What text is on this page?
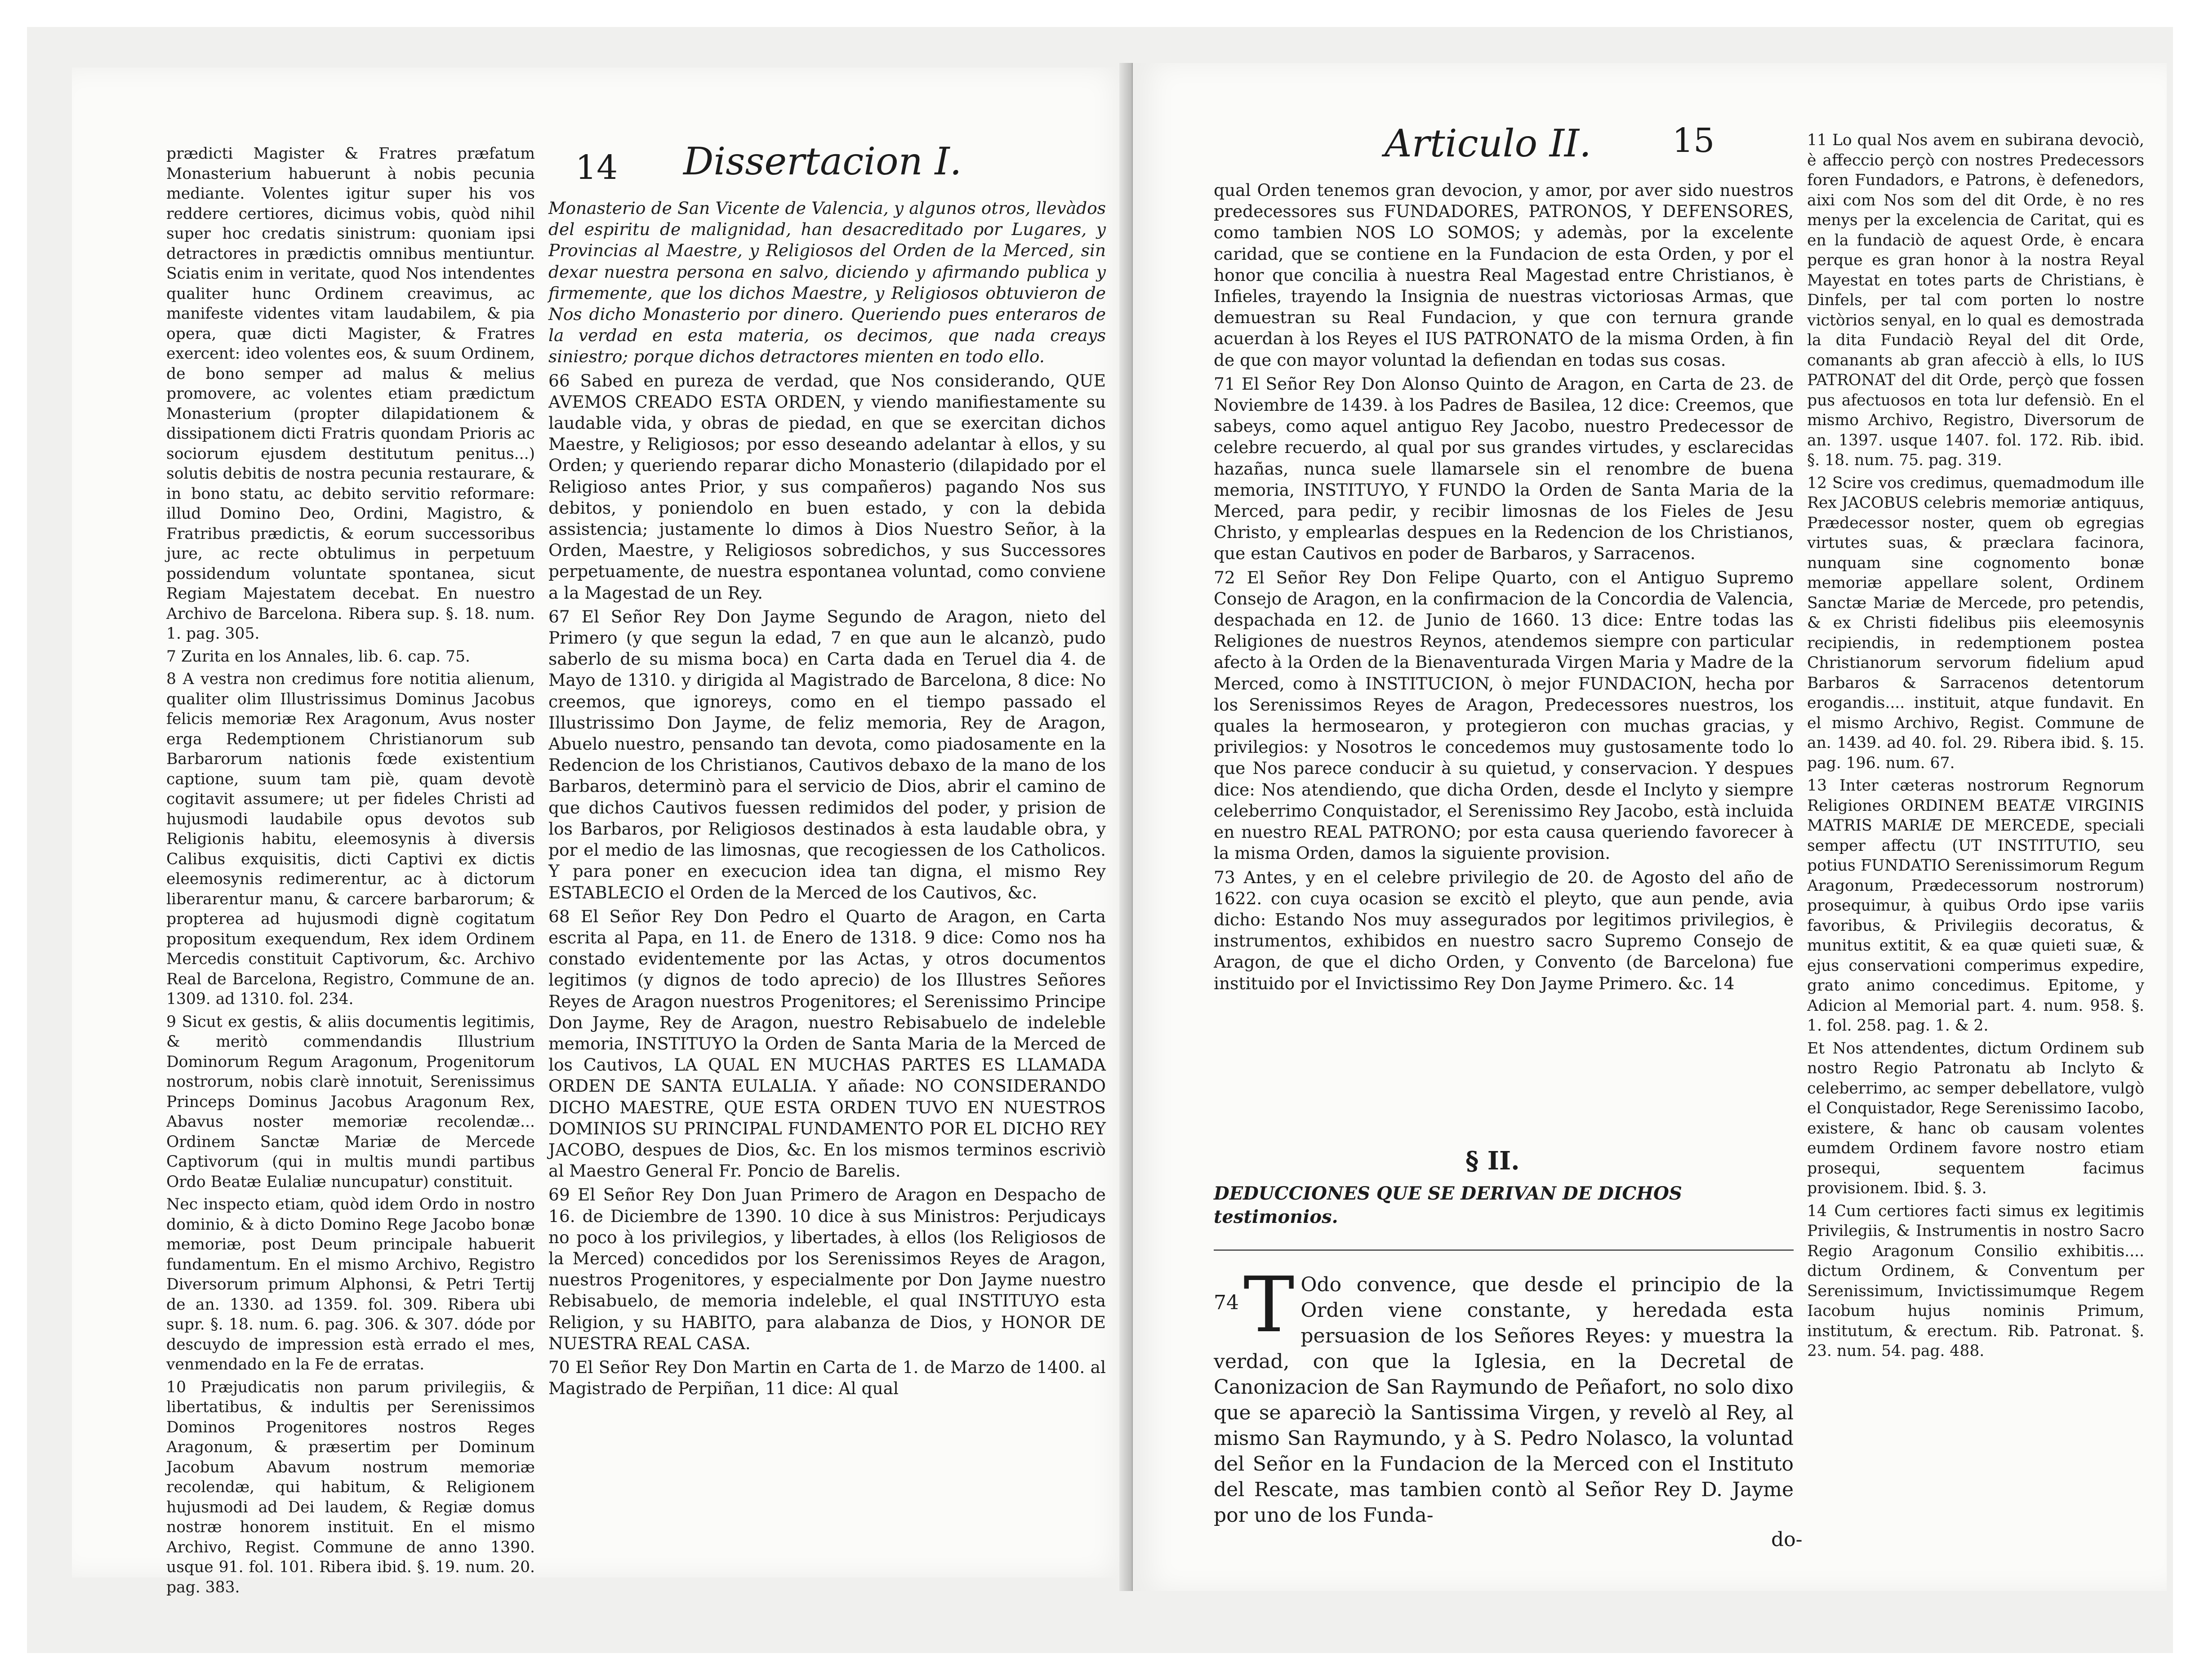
14 Dissertacion I.

prædicti Magister & Fratres præfatum Monasterium habuerunt à nobis pecunia mediante. Volentes igitur super his vos reddere certiores, dicimus vobis, quòd nihil super hoc credatis sinistrum: quoniam ipsi detractores in prædictis omnibus mentiuntur. Sciatis enim in veritate, quod Nos intendentes qualiter hunc Ordinem creavimus, ac manifeste videntes vitam laudabilem, & pia opera, quæ dicti Magister, & Fratres exercent: ideo volentes eos, & suum Ordinem, de bono semper ad malus & melius promovere, ac volentes etiam prædictum Monasterium (propter dilapidationem & dissipationem dicti Fratris quondam Prioris ac sociorum ejusdem destitutum penitus...) solutis debitis de nostra pecunia restaurare, & in bono statu, ac debito servitio reformare: illud Domino Deo, Ordini, Magistro, & Fratribus prædictis, & eorum successoribus jure, ac recte obtulimus in perpetuum possidendum voluntate spontanea, sicut Regiam Majestatem decebat. En nuestro Archivo de Barcelona. Ribera sup. §. 18. num. 1. pag. 305.

7 Zurita en los Annales, lib. 6. cap. 75.

8 A vestra non credimus fore notitia alienum, qualiter olim Illustrissimus Dominus Jacobus felicis memoriæ Rex Aragonum, Avus noster erga Redemptionem Christianorum sub Barbarorum nationis fœde existentium captione, suum tam piè, quam devotè cogitavit assumere; ut per fideles Christi ad hujusmodi laudabile opus devotos sub Religionis habitu, eleemosynis à diversis Calibus exquisitis, dicti Captivi ex dictis eleemosynis redimerentur, ac à dictorum liberarentur manu, & carcere barbarorum; & propterea ad hujusmodi dignè cogitatum propositum exequendum, Rex idem Ordinem Mercedis constituit Captivorum, &c. Archivo Real de Barcelona, Registro, Commune de an. 1309. ad 1310. fol. 234.

9 Sicut ex gestis, & aliis documentis legitimis, & meritò commendandis Illustrium Dominorum Regum Aragonum, Progenitorum nostrorum, nobis clarè innotuit, Serenissimus Princeps Dominus Jacobus Aragonum Rex, Abavus noster memoriæ recolendæ... Ordinem Sanctæ Mariæ de Mercede Captivorum (qui in multis mundi partibus Ordo Beatæ Eulaliæ nuncupatur) constituit.

Nec inspecto etiam, quòd idem Ordo in nostro dominio, & à dicto Domino Rege Jacobo bonæ memoriæ, post Deum principale habuerit fundamentum. En el mismo Archivo, Registro Diversorum primum Alphonsi, & Petri Tertij de an. 1330. ad 1359. fol. 309. Ribera ubi supr. §. 18. num. 6. pag. 306. & 307. dóde por descuydo de impression està errado el mes, venmendado en la Fe de erratas.

10 Præjudicatis non parum privilegiis, & libertatibus, & indultis per Serenissimos Dominos Progenitores nostros Reges Aragonum, & præsertim per Dominum Jacobum Abavum nostrum memoriæ recolendæ, qui habitum, & Religionem hujusmodi ad Dei laudem, & Regiæ domus nostræ honorem instituit. En el mismo Archivo, Regist. Commune de anno 1390. usque 91. fol. 101. Ribera ibid. §. 19. num. 20. pag. 383.

Monasterio de San Vicente de Valencia, y algunos otros, llevàdos del espiritu de malignidad, han desacreditado por Lugares, y Provincias al Maestre, y Religiosos del Orden de la Merced, sin dexar nuestra persona en salvo, diciendo y afirmando publica y firmemente, que los dichos Maestre, y Religiosos obtuvieron de Nos dicho Monasterio por dinero. Queriendo pues enteraros de la verdad en esta materia, os decimos, que nada creays siniestro; porque dichos detractores mienten en todo ello.

66 Sabed en pureza de verdad, que Nos considerando, QUE AVEMOS CREADO ESTA ORDEN, y viendo manifiestamente su laudable vida, y obras de piedad, en que se exercitan dichos Maestre, y Religiosos; por esso deseando adelantar à ellos, y su Orden; y queriendo reparar dicho Monasterio (dilapidado por el Religioso antes Prior, y sus compañeros) pagando Nos sus debitos, y poniendolo en buen estado, y con la debida assistencia; justamente lo dimos à Dios Nuestro Señor, à la Orden, Maestre, y Religiosos sobredichos, y sus Successores perpetuamente, de nuestra espontanea voluntad, como conviene a la Magestad de un Rey.

67 El Señor Rey Don Jayme Segundo de Aragon, nieto del Primero (y que segun la edad, 7 en que aun le alcanzò, pudo saberlo de su misma boca) en Carta dada en Teruel dia 4. de Mayo de 1310. y dirigida al Magistrado de Barcelona, 8 dice: No creemos, que ignoreys, como en el tiempo passado el Illustrissimo Don Jayme, de feliz memoria, Rey de Aragon, Abuelo nuestro, pensando tan devota, como piadosamente en la Redencion de los Christianos, Cautivos debaxo de la mano de los Barbaros, determinò para el servicio de Dios, abrir el camino de que dichos Cautivos fuessen redimidos del poder, y prision de los Barbaros, por Religiosos destinados à esta laudable obra, y por el medio de las limosnas, que recogiessen de los Catholicos. Y para poner en execucion idea tan digna, el mismo Rey ESTABLECIO el Orden de la Merced de los Cautivos, &c.

68 El Señor Rey Don Pedro el Quarto de Aragon, en Carta escrita al Papa, en 11. de Enero de 1318. 9 dice: Como nos ha constado evidentemente por las Actas, y otros documentos legitimos (y dignos de todo aprecio) de los Illustres Señores Reyes de Aragon nuestros Progenitores; el Serenissimo Principe Don Jayme, Rey de Aragon, nuestro Rebisabuelo de indeleble memoria, INSTITUYO la Orden de Santa Maria de la Merced de los Cautivos, LA QUAL EN MUCHAS PARTES ES LLAMADA ORDEN DE SANTA EULALIA. Y añade: NO CONSIDERANDO DICHO MAESTRE, QUE ESTA ORDEN TUVO EN NUESTROS DOMINIOS SU PRINCIPAL FUNDAMENTO POR EL DICHO REY JACOBO, despues de Dios, &c. En los mismos terminos escriviò al Maestro General Fr. Poncio de Barelis.

69 El Señor Rey Don Juan Primero de Aragon en Despacho de 16. de Diciembre de 1390. 10 dice à sus Ministros: Perjudicays no poco à los privilegios, y libertades, à ellos (los Religiosos de la Merced) concedidos por los Serenissimos Reyes de Aragon, nuestros Progenitores, y especialmente por Don Jayme nuestro Rebisabuelo, de memoria indeleble, el qual INSTITUYO esta Religion, y su HABITO, para alabanza de Dios, y HONOR DE NUESTRA REAL CASA.

70 El Señor Rey Don Martin en Carta de 1. de Marzo de 1400. al Magistrado de Perpiñan, 11 dice: Al qual

Articulo II. 15

qual Orden tenemos gran devocion, y amor, por aver sido nuestros predecessores sus FUNDADORES, PATRONOS, Y DEFENSORES, como tambien NOS LO SOMOS; y ademàs, por la excelente caridad, que se contiene en la Fundacion de esta Orden, y por el honor que concilia à nuestra Real Magestad entre Christianos, è Infieles, trayendo la Insignia de nuestras victoriosas Armas, que demuestran su Real Fundacion, y que con ternura grande acuerdan à los Reyes el IUS PATRONATO de la misma Orden, à fin de que con mayor voluntad la defiendan en todas sus cosas.

71 El Señor Rey Don Alonso Quinto de Aragon, en Carta de 23. de Noviembre de 1439. à los Padres de Basilea, 12 dice: Creemos, que sabeys, como aquel antiguo Rey Jacobo, nuestro Predecessor de celebre recuerdo, al qual por sus grandes virtudes, y esclarecidas hazañas, nunca suele llamarsele sin el renombre de buena memoria, INSTITUYO, Y FUNDO la Orden de Santa Maria de la Merced, para pedir, y recibir limosnas de los Fieles de Jesu Christo, y emplearlas despues en la Redencion de los Christianos, que estan Cautivos en poder de Barbaros, y Sarracenos.

72 El Señor Rey Don Felipe Quarto, con el Antiguo Supremo Consejo de Aragon, en la confirmacion de la Concordia de Valencia, despachada en 12. de Junio de 1660. 13 dice: Entre todas las Religiones de nuestros Reynos, atendemos siempre con particular afecto à la Orden de la Bienaventurada Virgen Maria y Madre de la Merced, como à INSTITUCION, ò mejor FUNDACION, hecha por los Serenissimos Reyes de Aragon, Predecessores nuestros, los quales la hermosearon, y protegieron con muchas gracias, y privilegios: y Nosotros le concedemos muy gustosamente todo lo que Nos parece conducir à su quietud, y conservacion. Y despues dice: Nos atendiendo, que dicha Orden, desde el Inclyto y siempre celeberrimo Conquistador, el Serenissimo Rey Jacobo, està incluida en nuestro REAL PATRONO; por esta causa queriendo favorecer à la misma Orden, damos la siguiente provision.

73 Antes, y en el celebre privilegio de 20. de Agosto del año de 1622. con cuya ocasion se excitò el pleyto, que aun pende, avia dicho: Estando Nos muy assegurados por legitimos privilegios, è instrumentos, exhibidos en nuestro sacro Supremo Consejo de Aragon, de que el dicho Orden, y Convento (de Barcelona) fue instituido por el Invictissimo Rey Don Jayme Primero. &c. 14

§ II.
DEDUCCIONES QUE SE DERIVAN DE DICHOS testimonios.
74 T Odo convence, que desde el principio de la Orden viene constante, y heredada esta persuasion de los Señores Reyes: y muestra la verdad, con que la Iglesia, en la Decretal de Canonizacion de San Raymundo de Peñafort, no solo dixo que se apareciò la Santissima Virgen, y revelò al Rey, al mismo San Raymundo, y à S. Pedro Nolasco, la voluntad del Señor en la Fundacion de la Merced con el Instituto del Rescate, mas tambien contò al Señor Rey D. Jayme por uno de los Funda-
do-

11 Lo qual Nos avem en subirana devociò, è affeccio perçò con nostres Predecessors foren Fundadors, e Patrons, è defenedors, aixi com Nos som del dit Orde, è no res menys per la excelencia de Caritat, qui es en la fundaciò de aquest Orde, è encara perque es gran honor à la nostra Reyal Mayestat en totes parts de Christians, è Dinfels, per tal com porten lo nostre victòrios senyal, en lo qual es demostrada la dita Fundaciò Reyal del dit Orde, comanants ab gran afecciò à ells, lo IUS PATRONAT del dit Orde, perçò que fossen pus afectuosos en tota lur defensiò. En el mismo Archivo, Registro, Diversorum de an. 1397. usque 1407. fol. 172. Rib. ibid. §. 18. num. 75. pag. 319.

12 Scire vos credimus, quemadmodum ille Rex JACOBUS celebris memoriæ antiquus, Prædecessor noster, quem ob egregias virtutes suas, & præclara facinora, nunquam sine cognomento bonæ memoriæ appellare solent, Ordinem Sanctæ Mariæ de Mercede, pro petendis, & ex Christi fidelibus piis eleemosynis recipiendis, in redemptionem postea Christianorum servorum fidelium apud Barbaros & Sarracenos detentorum erogandis.... instituit, atque fundavit. En el mismo Archivo, Regist. Commune de an. 1439. ad 40. fol. 29. Ribera ibid. §. 15. pag. 196. num. 67.

13 Inter cæteras nostrorum Regnorum Religiones ORDINEM BEATÆ VIRGINIS MATRIS MARIÆ DE MERCEDE, speciali semper affectu (UT INSTITUTIO, seu potius FUNDATIO Serenissimorum Regum Aragonum, Prædecessorum nostrorum) prosequimur, à quibus Ordo ipse variis favoribus, & Privilegiis decoratus, & munitus extitit, & ea quæ quieti suæ, & ejus conservationi comperimus expedire, grato animo concedimus. Epitome, y Adicion al Memorial part. 4. num. 958. §. 1. fol. 258. pag. 1. & 2.

Et Nos attendentes, dictum Ordinem sub nostro Regio Patronatu ab Inclyto & celeberrimo, ac semper debellatore, vulgò el Conquistador, Rege Serenissimo Iacobo, existere, & hanc ob causam volentes eumdem Ordinem favore nostro etiam prosequi, sequentem facimus provisionem. Ibid. §. 3.

14 Cum certiores facti simus ex legitimis Privilegiis, & Instrumentis in nostro Sacro Regio Aragonum Consilio exhibitis.... dictum Ordinem, & Conventum per Serenissimum, Invictissimumque Regem Iacobum hujus nominis Primum, institutum, & erectum. Rib. Patronat. §. 23. num. 54. pag. 488.
